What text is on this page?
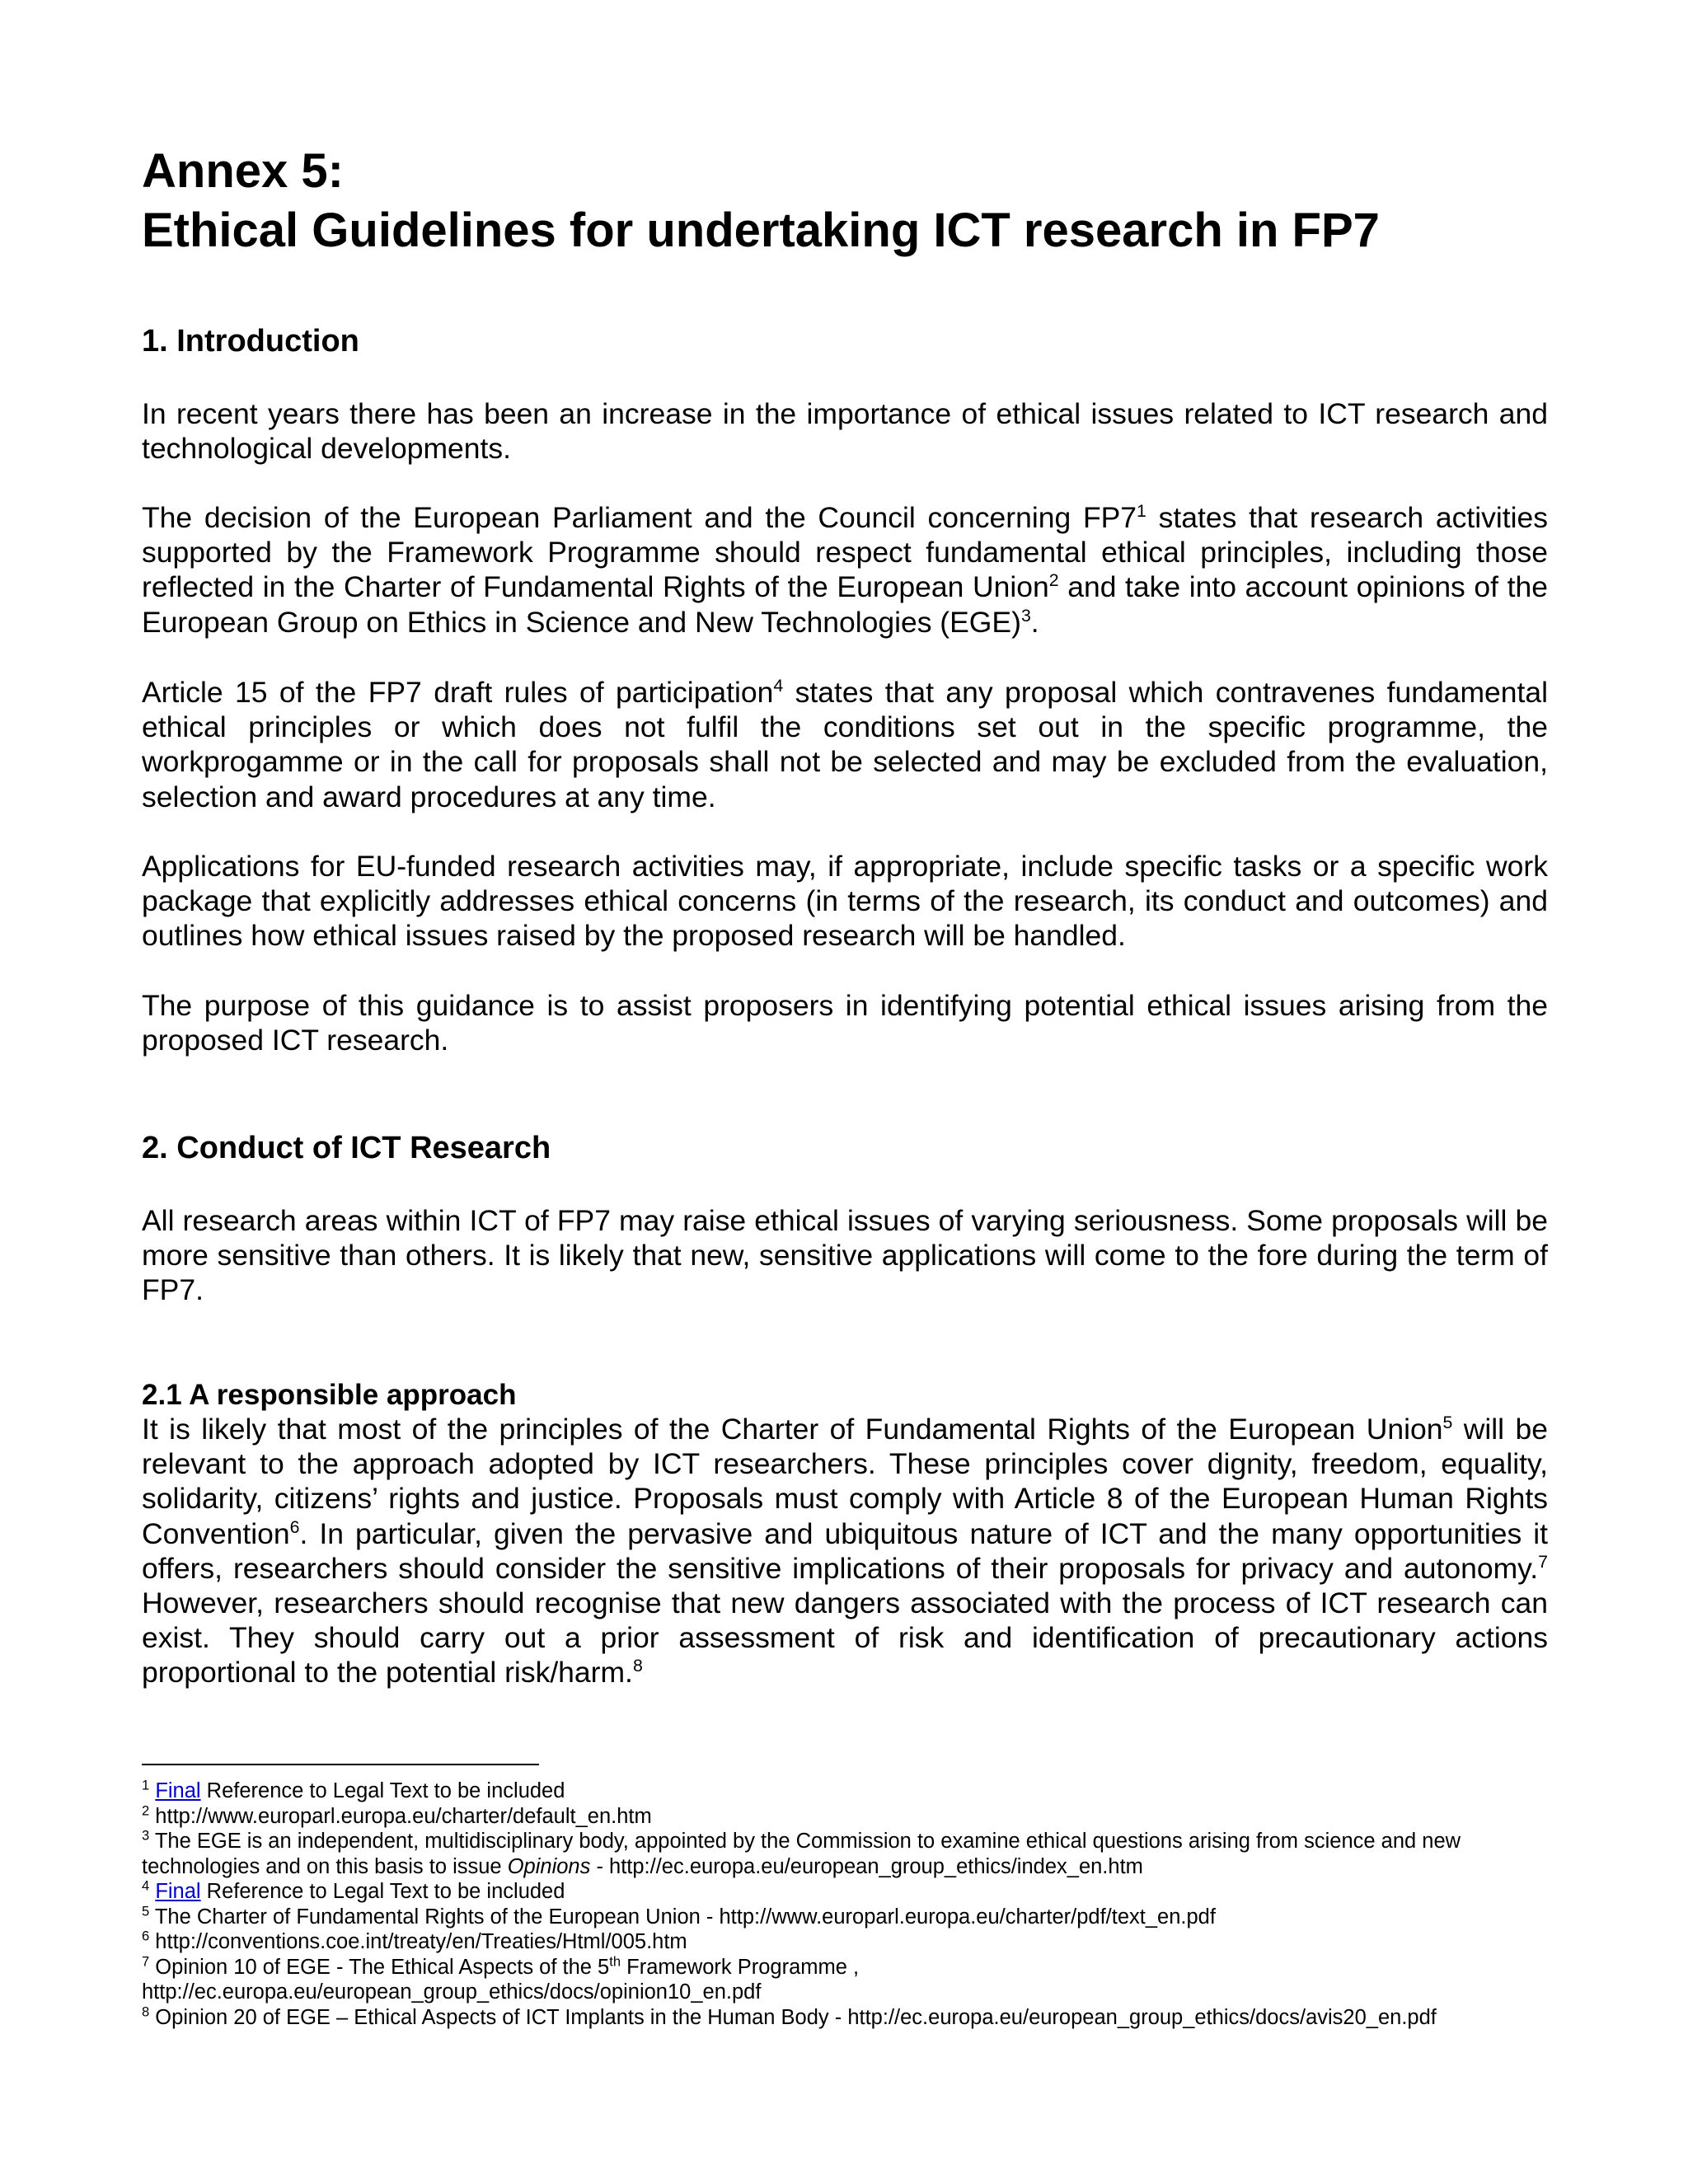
Annex 5:
Ethical Guidelines for undertaking ICT research in FP7
1. Introduction

In recent years there has been an increase in the importance of ethical issues related to ICT research and technological developments.

The decision of the European Parliament and the Council concerning $FP7^1$ states that research activities supported by the Framework Programme should respect fundamental ethical principles, including those reflected in the Charter of Fundamental Rights of the European Union$^2$ and take into account opinions of the European Group on Ethics in Science and New Technologies (EGE)$^3$.

Article 15 of the FP7 draft rules of participation$^4$ states that any proposal which contravenes fundamental ethical principles or which does not fulfil the conditions set out in the specific programme, the workprogamme or in the call for proposals shall not be selected and may be excluded from the evaluation, selection and award procedures at any time.

Applications for EU-funded research activities may, if appropriate, include specific tasks or a specific work package that explicitly addresses ethical concerns (in terms of the research, its conduct and outcomes) and outlines how ethical issues raised by the proposed research will be handled.

The purpose of this guidance is to assist proposers in identifying potential ethical issues arising from the proposed ICT research.

2. Conduct of ICT Research

All research areas within ICT of FP7 may raise ethical issues of varying seriousness. Some proposals will be more sensitive than others. It is likely that new, sensitive applications will come to the fore during the term of FP7.

2.1 A responsible approach

It is likely that most of the principles of the Charter of Fundamental Rights of the European Union$^5$ will be relevant to the approach adopted by ICT researchers. These principles cover dignity, freedom, equality, solidarity, citizens’ rights and justice. Proposals must comply with Article 8 of the European Human Rights Convention$^6$. In particular, given the pervasive and ubiquitous nature of ICT and the many opportunities it offers, researchers should consider the sensitive implications of their proposals for privacy and autonomy.$^7$ However, researchers should recognise that new dangers associated with the process of ICT research can exist. They should carry out a prior assessment of risk and identification of precautionary actions proportional to the potential risk/harm.$^8$

$^1$ Final Reference to Legal Text to be included

$^2$ http://www.europarl.europa.eu/charter/default_en.htm

$^3$ The EGE is an independent, multidisciplinary body, appointed by the Commission to examine ethical questions arising from science and new technologies and on this basis to issue Opinions - http://ec.europa.eu/european_group_ethics/index_en.htm

$^4$ Final Reference to Legal Text to be included

$^5$ The Charter of Fundamental Rights of the European Union - http://www.europarl.europa.eu/charter/pdf/text_en.pdf

$^6$ http://conventions.coe.int/treaty/en/Treaties/Html/005.htm

$^7$ Opinion 10 of EGE - The Ethical Aspects of the 5th Framework Programme ,
http://ec.europa.eu/european_group_ethics/docs/opinion10_en.pdf

$^8$ Opinion 20 of EGE – Ethical Aspects of ICT Implants in the Human Body - http://ec.europa.eu/european_group_ethics/docs/avis20_en.pdf
